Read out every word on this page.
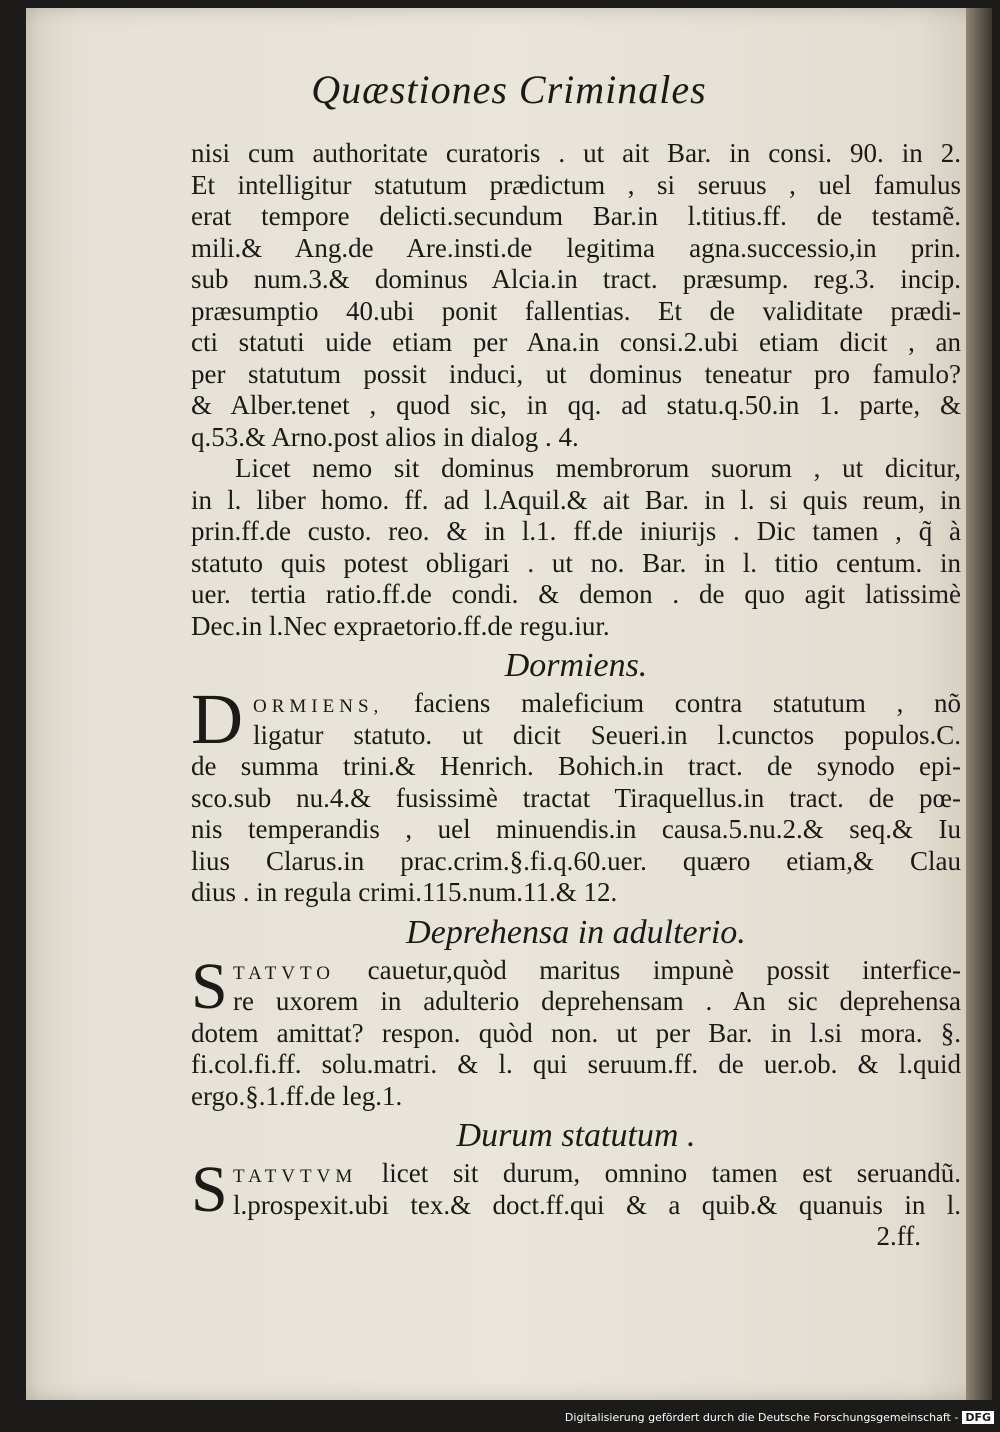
Quæstiones Criminales
nisi cum authoritate curatoris . ut ait Bar. in consi. 90. in 2.
Et intelligitur statutum prædictum , si seruus , uel famulus
erat tempore delicti.secundum Bar.in l.titius.ff. de testamẽ.
mili.& Ang.de Are.insti.de legitima agna.successio,in prin.
sub num.3.& dominus Alcia.in tract. præsump. reg.3. incip.
præsumptio 40.ubi ponit fallentias. Et de validitate prædi-
cti statuti uide etiam per Ana.in consi.2.ubi etiam dicit , an
per statutum possit induci, ut dominus teneatur pro famulo?
& Alber.tenet , quod sic, in qq. ad statu.q.50.in 1. parte, &
q.53.& Arno.post alios in dialog . 4.
Licet nemo sit dominus membrorum suorum , ut dicitur,
in l. liber homo. ff. ad l.Aquil.& ait Bar. in l. si quis reum, in
prin.ff.de custo. reo. & in l.1. ff.de iniurijs . Dic tamen , q̃ à
statuto quis potest obligari . ut no. Bar. in l. titio centum. in
uer. tertia ratio.ff.de condi. & demon . de quo agit latissimè
Dec.in l.Nec expraetorio.ff.de regu.iur.
Dormiens.
D ORMIENS, faciens maleficium contra statutum , nõ
ligatur statuto. ut dicit Seueri.in l.cunctos populos.C.
de summa trini.& Henrich. Bohich.in tract. de synodo epi-
sco.sub nu.4.& fusissimè tractat Tiraquellus.in tract. de pœ-
nis temperandis , uel minuendis.in causa.5.nu.2.& seq.& Iu
lius Clarus.in prac.crim.§.fi.q.60.uer. quæro etiam,& Clau
dius . in regula crimi.115.num.11.& 12.
Deprehensa in adulterio.
S TATVTO cauetur,quòd maritus impunè possit interfice-
re uxorem in adulterio deprehensam . An sic deprehensa
dotem amittat? respon. quòd non. ut per Bar. in l.si mora. §.
fi.col.fi.ff. solu.matri. & l. qui seruum.ff. de uer.ob. & l.quid
ergo.§.1.ff.de leg.1.
Durum statutum .
S TATVTVM licet sit durum, omnino tamen est seruandũ.
l.prospexit.ubi tex.& doct.ff.qui & a quib.& quanuis in l.
2.ff.
Digitalisierung gefördert durch die Deutsche Forschungsgemeinschaft - DFG
